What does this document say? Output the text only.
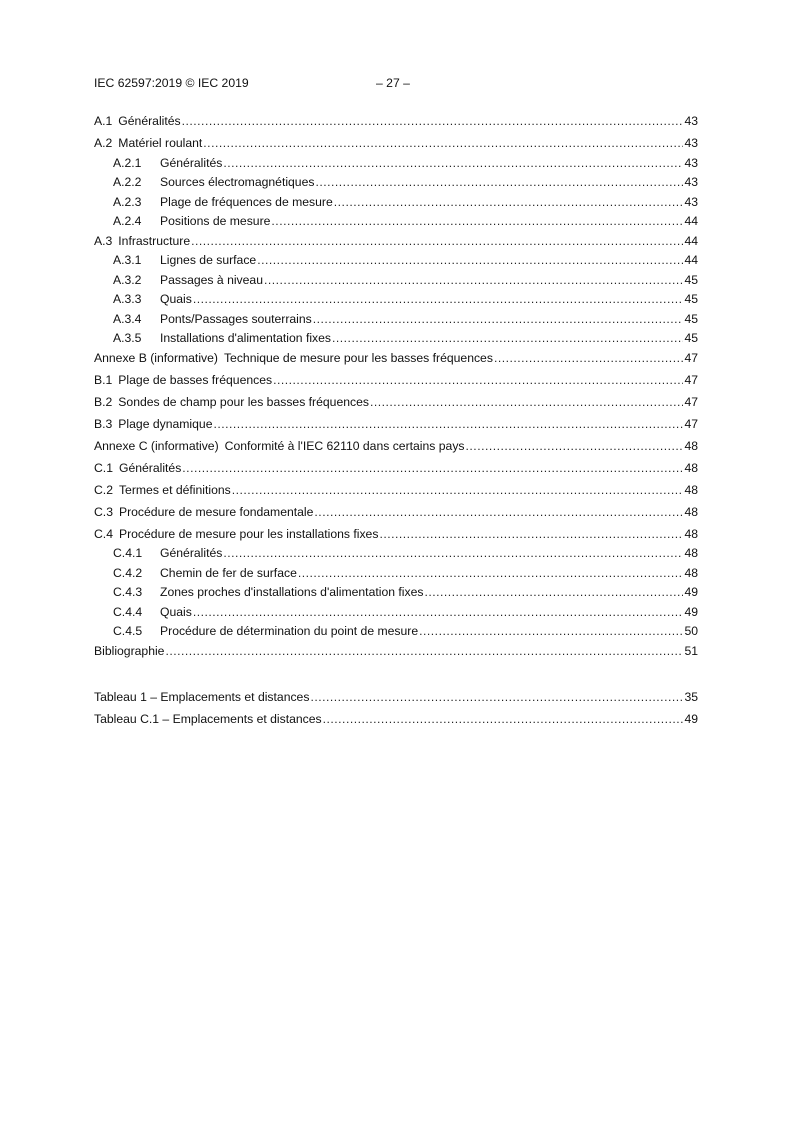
IEC 62597:2019 © IEC 2019	– 27 –
A.1 Généralités .....	43
A.2 Matériel roulant .....	43
A.2.1	Généralités .....	43
A.2.2	Sources électromagnétiques .....	43
A.2.3	Plage de fréquences de mesure .....	43
A.2.4	Positions de mesure .....	44
A.3 Infrastructure .....	44
A.3.1	Lignes de surface .....	44
A.3.2	Passages à niveau .....	45
A.3.3	Quais .....	45
A.3.4	Ponts/Passages souterrains .....	45
A.3.5	Installations d'alimentation fixes .....	45
Annexe B (informative) Technique de mesure pour les basses fréquences .....	47
B.1 Plage de basses fréquences .....	47
B.2 Sondes de champ pour les basses fréquences .....	47
B.3 Plage dynamique .....	47
Annexe C (informative) Conformité à l'IEC 62110 dans certains pays .....	48
C.1 Généralités .....	48
C.2 Termes et définitions .....	48
C.3 Procédure de mesure fondamentale .....	48
C.4 Procédure de mesure pour les installations fixes .....	48
C.4.1	Généralités .....	48
C.4.2	Chemin de fer de surface .....	48
C.4.3	Zones proches d'installations d'alimentation fixes .....	49
C.4.4	Quais .....	49
C.4.5	Procédure de détermination du point de mesure .....	50
Bibliographie .....	51
Tableau 1 – Emplacements et distances .....	35
Tableau C.1 – Emplacements et distances .....	49
